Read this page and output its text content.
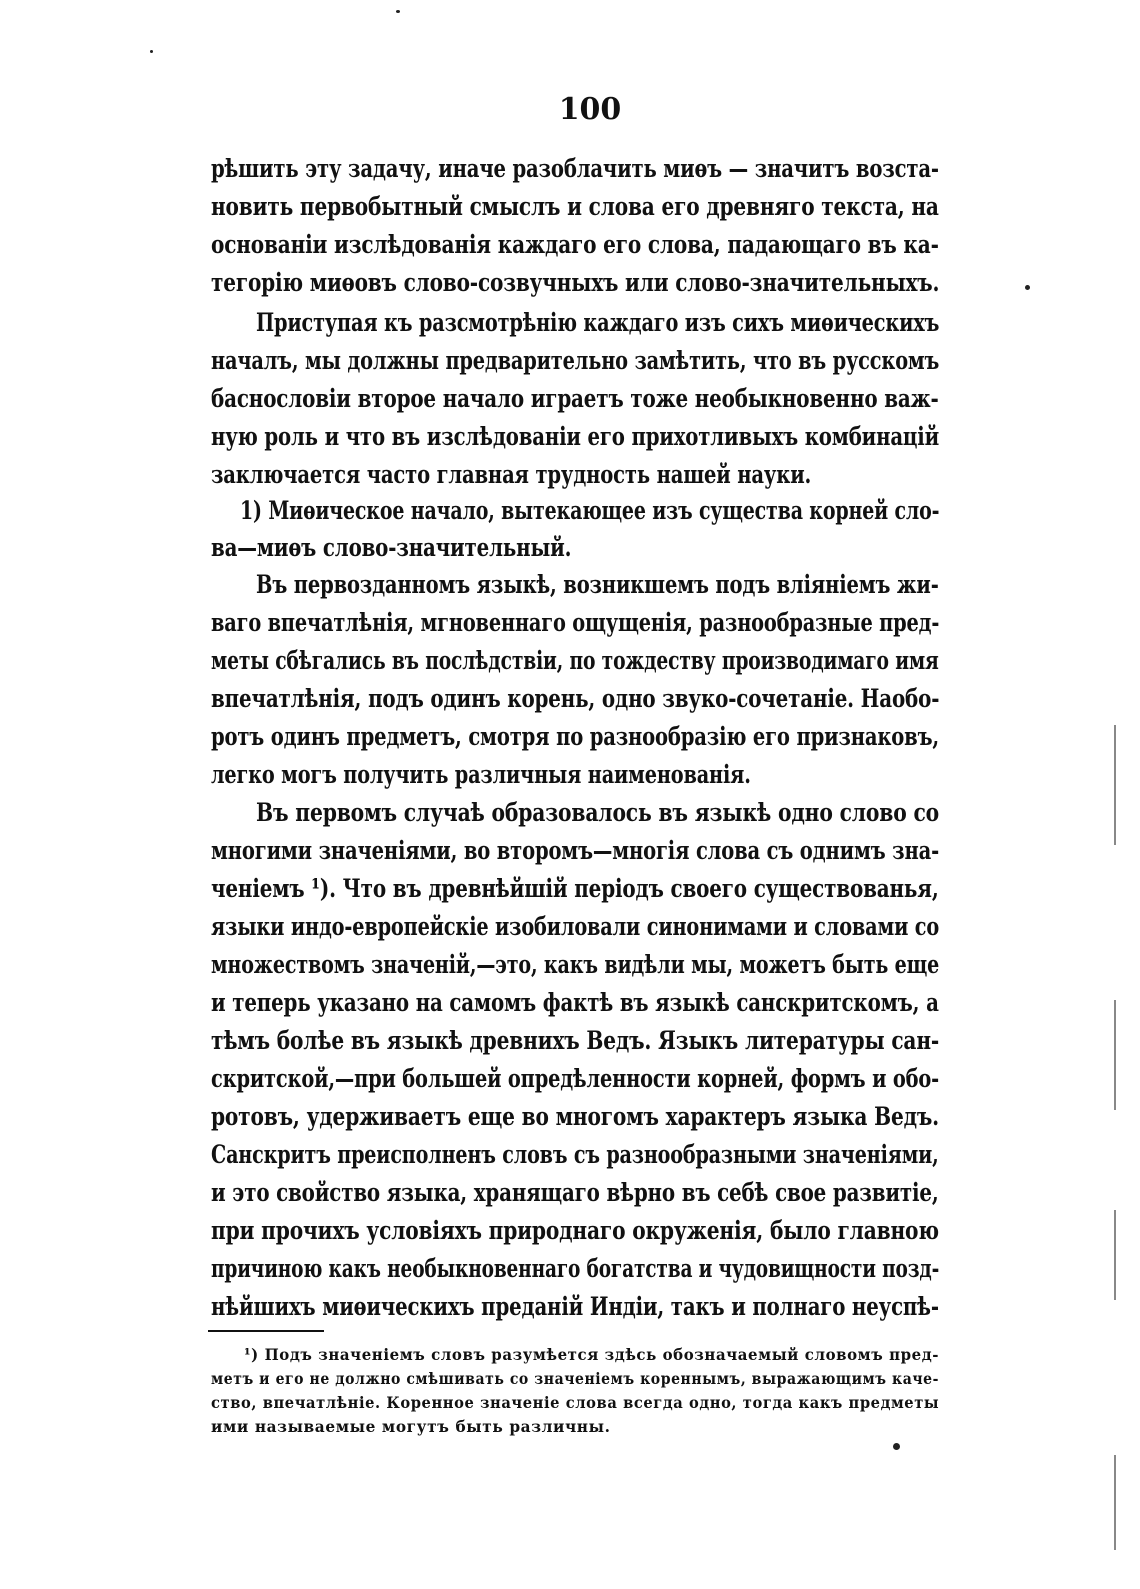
100
рѣшить эту задачу, иначе разоблачить миѳъ — значитъ возста-
новить первобытный смыслъ и слова его древняго текста, на
основаніи изслѣдованія каждаго его слова, падающаго въ ка-
тегорію миѳовъ слово-созвучныхъ или слово-значительныхъ.
Приступая къ разсмотрѣнію каждаго изъ сихъ миѳическихъ
началъ, мы должны предварительно замѣтить, что въ русскомъ
баснословіи второе начало играетъ тоже необыкновенно важ-
ную роль и что въ изслѣдованіи его прихотливыхъ комбинацій
заключается часто главная трудность нашей науки.
1) Миѳическое начало, вытекающее изъ существа корней сло-
ва—миѳъ слово-значительный.
Въ первозданномъ языкѣ, возникшемъ подъ вліяніемъ жи-
ваго впечатлѣнія, мгновеннаго ощущенія, разнообразные пред-
меты сбѣгались въ послѣдствіи, по тождеству производимаго имя
впечатлѣнія, подъ одинъ корень, одно звуко-сочетаніе. Наобо-
ротъ одинъ предметъ, смотря по разнообразію его признаковъ,
легко могъ получить различныя наименованія.
Въ первомъ случаѣ образовалось въ языкѣ одно слово со
многими значеніями, во второмъ—многія слова съ однимъ зна-
ченіемъ ¹). Что въ древнѣйшій періодъ своего существованья,
языки индо-европейскіе изобиловали синонимами и словами со
множествомъ значеній,—это, какъ видѣли мы, можетъ быть еще
и теперь указано на самомъ фактѣ въ языкѣ санскритскомъ, а
тѣмъ болѣе въ языкѣ древнихъ Ведъ. Языкъ литературы сан-
скритской,—при большей опредѣленности корней, формъ и обо-
ротовъ, удерживаетъ еще во многомъ характеръ языка Ведъ.
Санскритъ преисполненъ словъ съ разнообразными значеніями,
и это свойство языка, хранящаго вѣрно въ себѣ свое развитіе,
при прочихъ условіяхъ природнаго окруженія, было главною
причиною какъ необыкновеннаго богатства и чудовищности позд-
нѣйшихъ миѳическихъ преданій Индіи, такъ и полнаго неуспѣ-
¹) Подъ значеніемъ словъ разумѣется здѣсь обозначаемый словомъ пред-
метъ и его не должно смѣшивать со значеніемъ кореннымъ, выражающимъ каче-
ство, впечатлѣніе. Коренное значеніе слова всегда одно, тогда какъ предметы
ими называемые могутъ быть различны.
